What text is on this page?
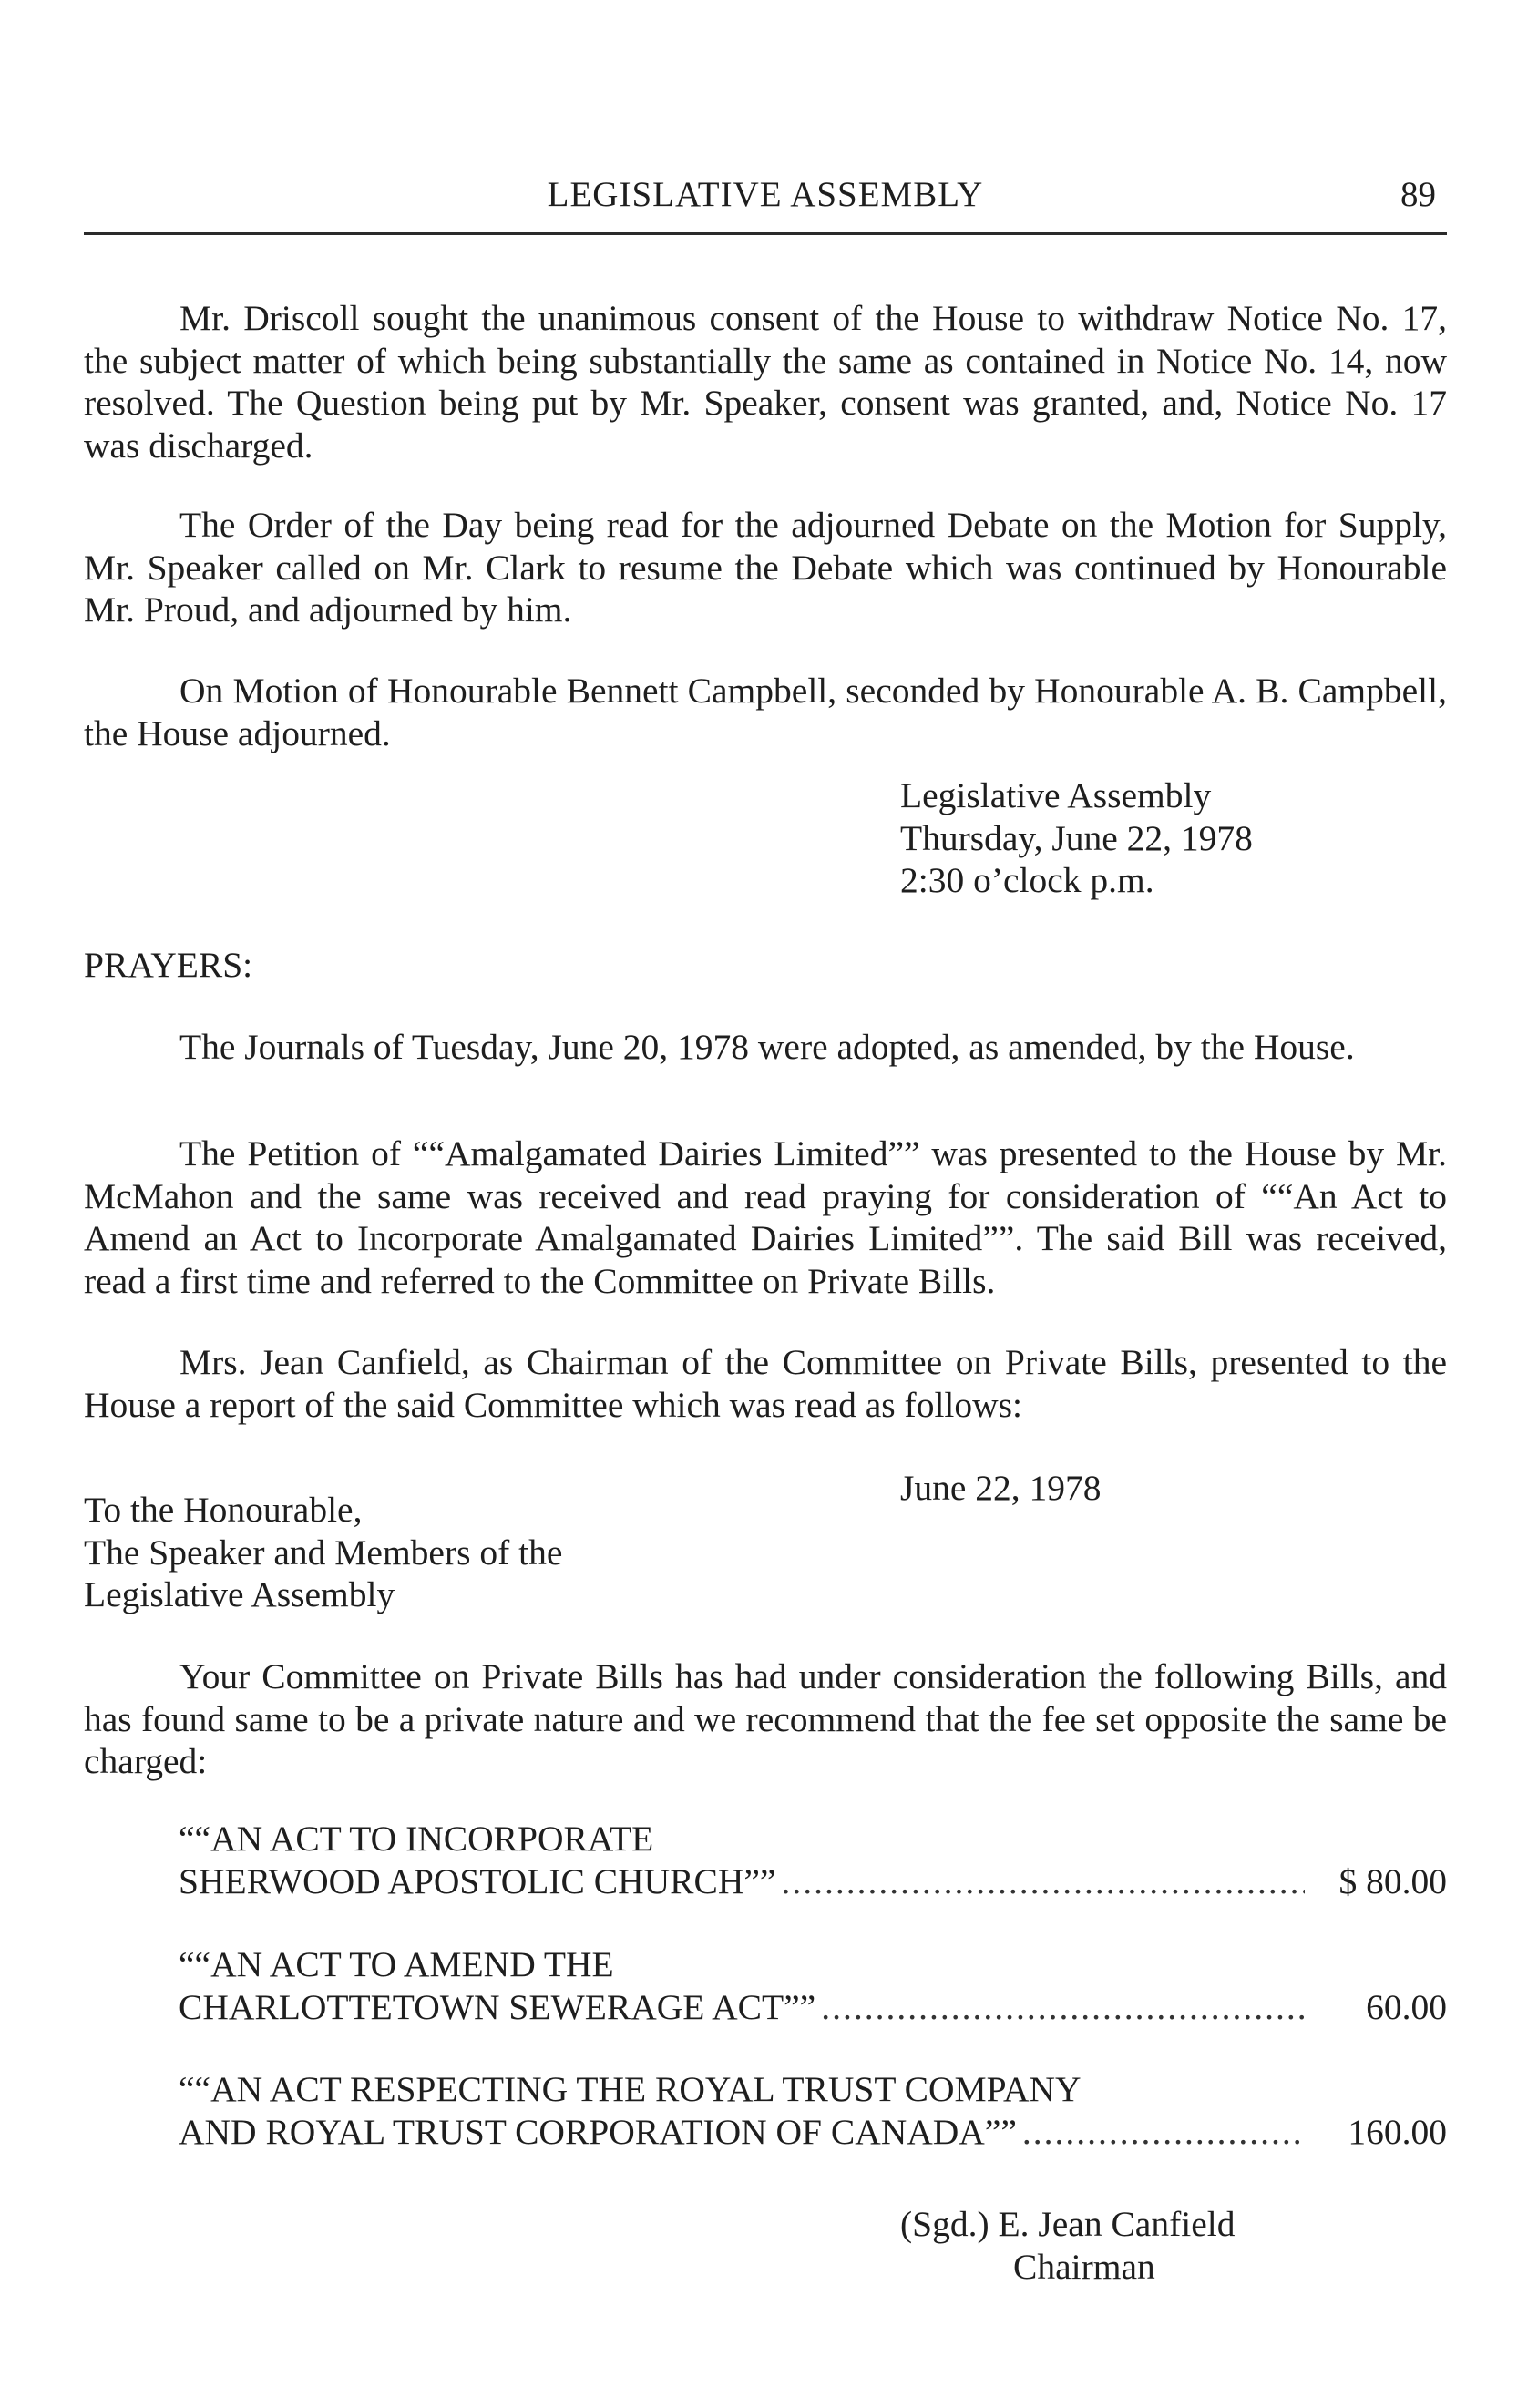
LEGISLATIVE ASSEMBLY	89

Mr. Driscoll sought the unanimous consent of the House to withdraw Notice No. 17, the subject matter of which being substantially the same as contained in Notice No. 14, now resolved. The Question being put by Mr. Speaker, consent was granted, and, Notice No. 17 was discharged.

The Order of the Day being read for the adjourned Debate on the Motion for Supply, Mr. Speaker called on Mr. Clark to resume the Debate which was continued by Honourable Mr. Proud, and adjourned by him.

On Motion of Honourable Bennett Campbell, seconded by Honourable A. B. Campbell, the House adjourned.

Legislative Assembly
Thursday, June 22, 1978
2:30 o’clock p.m.
PRAYERS:

The Journals of Tuesday, June 20, 1978 were adopted, as amended, by the House.

The Petition of ““Amalgamated Dairies Limited”” was presented to the House by Mr. McMahon and the same was received and read praying for consideration of ““An Act to Amend an Act to Incorporate Amalgamated Dairies Limited””. The said Bill was received, read a first time and referred to the Committee on Private Bills.

Mrs. Jean Canfield, as Chairman of the Committee on Private Bills, presented to the House a report of the said Committee which was read as follows:

June 22, 1978
To the Honourable,
The Speaker and Members of the
Legislative Assembly

Your Committee on Private Bills has had under consideration the following Bills, and has found same to be a private nature and we recommend that the fee set opposite the same be charged:

““AN ACT TO INCORPORATE
SHERWOOD APOSTOLIC CHURCH”” .....	$ 80.00
““AN ACT TO AMEND THE
CHARLOTTETOWN SEWERAGE ACT”” .....	60.00
““AN ACT RESPECTING THE ROYAL TRUST COMPANY
AND ROYAL TRUST CORPORATION OF CANADA”” .....	160.00
(Sgd.) E. Jean Canfield
Chairman
